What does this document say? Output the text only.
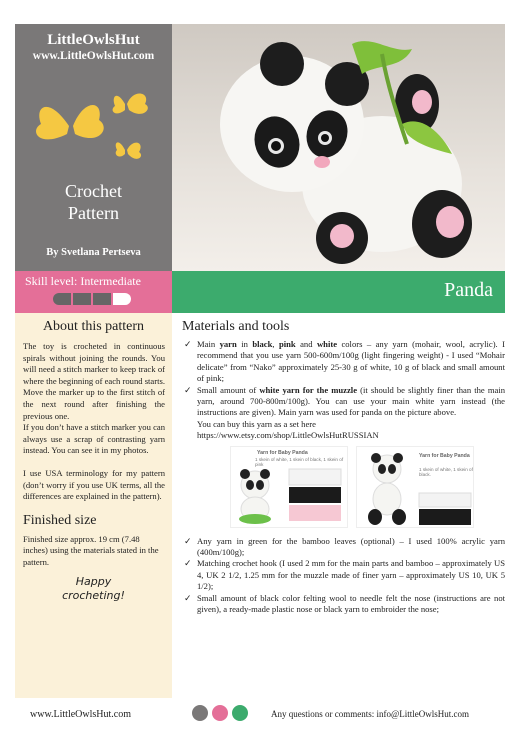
LittleOwlsHut
www.LittleOwlsHut.com
Crochet
Pattern
By Svetlana Pertseva
Skill level: Intermediate	Panda
About this pattern

The toy is crocheted in continuous spirals without joining the rounds. You will need a stitch marker to keep track of where the beginning of each round starts. Move the marker up to the first stitch of the next round after finishing the previous one.

If you don’t have a stitch marker you can always use a scrap of contrasting yarn instead. You can see it in my photos.

I use USA terminology for my pattern (don’t worry if you use UK terms, all the differences are explained in the pattern).

Finished size
Finished size approx. 19 cm (7.48 inches) using the materials stated in the pattern.
Happy
crocheting!
Materials and tools
✓ Main yarn in black, pink and white colors – any yarn (mohair, wool, acrylic). I recommend that you use yarn 500-600m/100g (light fingering weight) - I used “Mohair delicate” from “Nako” approximately 25-30 g of white, 10 g of black and small amount of pink;
✓ Small amount of white yarn for the muzzle (it should be slightly finer than the main yarn, around 700-800m/100g). You can use your main white yarn instead (the instructions are given). Main yarn was used for panda on the picture above.
You can buy this yarn as a set here
https://www.etsy.com/shop/LittleOwlsHutRUSSIAN
Yarn for Baby Panda
1 skein of white, 1 skein of black, 1 skein of pink
Yarn for Baby Panda
1 skein of white, 1 skein of black.
✓ Any yarn in green for the bamboo leaves (optional) – I used 100% acrylic yarn (400m/100g);
✓ Matching crochet hook (I used 2 mm for the main parts and bamboo – approximately US 4, UK 2 1/2, 1.25 mm for the muzzle made of finer yarn – approximately US 10, UK 5 1/2);
✓ Small amount of black color felting wool to needle felt the nose (instructions are not given), a ready-made plastic nose or black yarn to embroider the nose;
www.LittleOwlsHut.com	Any questions or comments: info@LittleOwlsHut.com
